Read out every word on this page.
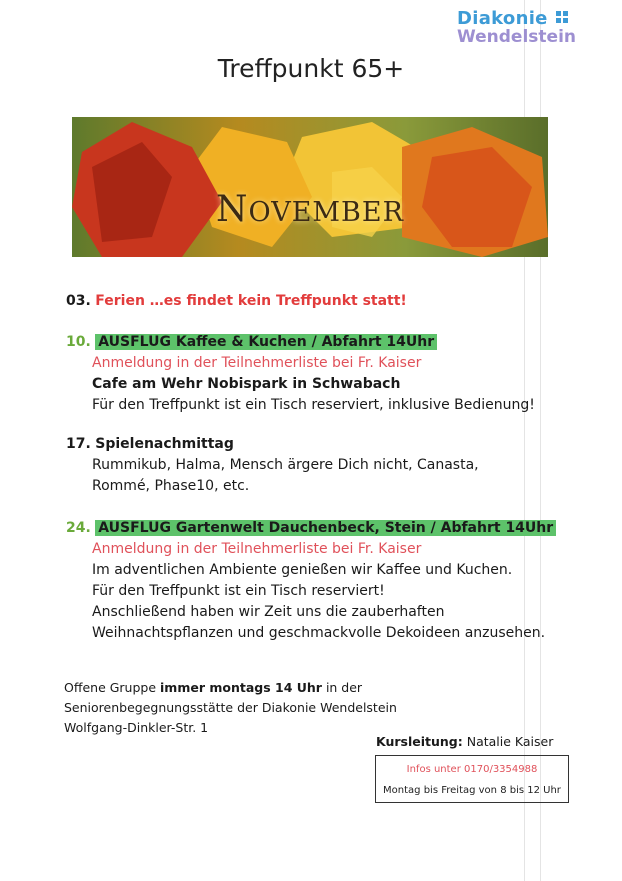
Diakonie
Wendelstein
Treffpunkt 65+
NOVEMBER
03. Ferien …es findet kein Treffpunkt statt!
10. AUSFLUG Kaffee & Kuchen / Abfahrt 14Uhr
Anmeldung in der Teilnehmerliste bei Fr. Kaiser
Cafe am Wehr Nobispark in Schwabach
Für den Treffpunkt ist ein Tisch reserviert, inklusive Bedienung!
17. Spielenachmittag
Rummikub, Halma, Mensch ärgere Dich nicht, Canasta,
Rommé, Phase10, etc.
24. AUSFLUG Gartenwelt Dauchenbeck, Stein / Abfahrt 14Uhr
Anmeldung in der Teilnehmerliste bei Fr. Kaiser
Im adventlichen Ambiente genießen wir Kaffee und Kuchen.
Für den Treffpunkt ist ein Tisch reserviert!
Anschließend haben wir Zeit uns die zauberhaften
Weihnachtspflanzen und geschmackvolle Dekoideen anzusehen.
Offene Gruppe immer montags 14 Uhr in der
Seniorenbegegnungsstätte der Diakonie Wendelstein
Wolfgang-Dinkler-Str. 1
Kursleitung: Natalie Kaiser
Infos unter 0170/3354988
Montag bis Freitag von 8 bis 12 Uhr
